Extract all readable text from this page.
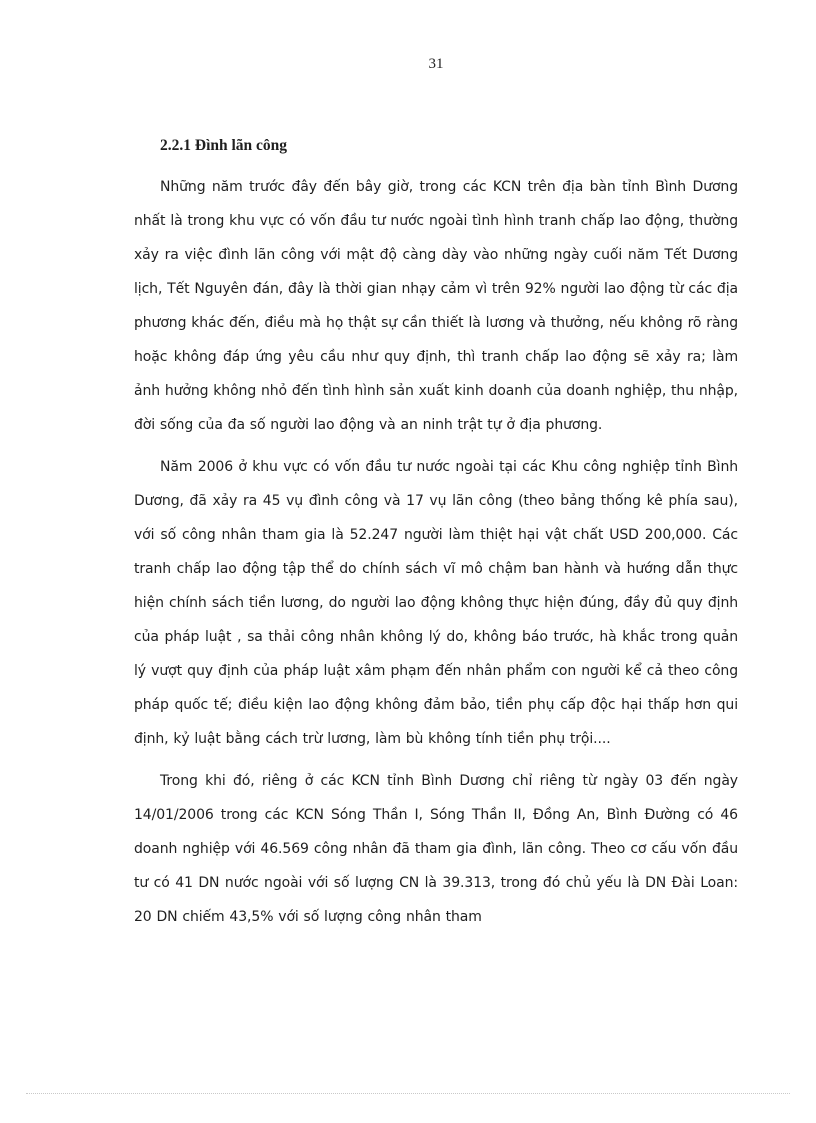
31
2.2.1 Đình lãn công

Những năm trước đây đến bây giờ, trong các KCN trên địa bàn tỉnh Bình Dương nhất là trong khu vực có vốn đầu tư nước ngoài tình hình tranh chấp lao động, thường xảy ra việc đình lãn công với mật độ càng dày vào những ngày cuối năm Tết Dương lịch, Tết Nguyên đán, đây là thời gian nhạy cảm vì trên 92% người lao động từ các địa phương khác đến, điều mà họ thật sự cần thiết là lương và thưởng, nếu không rõ ràng hoặc không đáp ứng yêu cầu như quy định, thì tranh chấp lao động sẽ xảy ra; làm ảnh hưởng không nhỏ đến tình hình sản xuất kinh doanh của doanh nghiệp, thu nhập, đời sống của đa số người lao động và an ninh trật tự ở địa phương.

Năm 2006 ở khu vực có vốn đầu tư nước ngoài tại các Khu công nghiệp tỉnh Bình Dương, đã xảy ra 45 vụ đình công và 17 vụ lãn công (theo bảng thống kê phía sau), với số công nhân tham gia là 52.247 người làm thiệt hại vật chất USD 200,000. Các tranh chấp lao động tập thể do chính sách vĩ mô chậm ban hành và hướng dẫn thực hiện chính sách tiền lương, do người lao động không thực hiện đúng, đầy đủ quy định của pháp luật , sa thải công nhân không lý do, không báo trước, hà khắc trong quản lý vượt quy định của pháp luật xâm phạm đến nhân phẩm con người kể cả theo công pháp quốc tế; điều kiện lao động không đảm bảo, tiền phụ cấp độc hại thấp hơn qui định, kỷ luật bằng cách trừ lương, làm bù không tính tiền phụ trội....

Trong khi đó, riêng ở các KCN tỉnh Bình Dương chỉ riêng từ ngày 03 đến ngày 14/01/2006 trong các KCN Sóng Thần I, Sóng Thần II, Đồng An, Bình Đường có 46 doanh nghiệp với 46.569 công nhân đã tham gia đình, lãn công. Theo cơ cấu vốn đầu tư có 41 DN nước ngoài với số lượng CN là 39.313, trong đó chủ yếu là DN Đài Loan: 20 DN chiếm 43,5% với số lượng công nhân tham
